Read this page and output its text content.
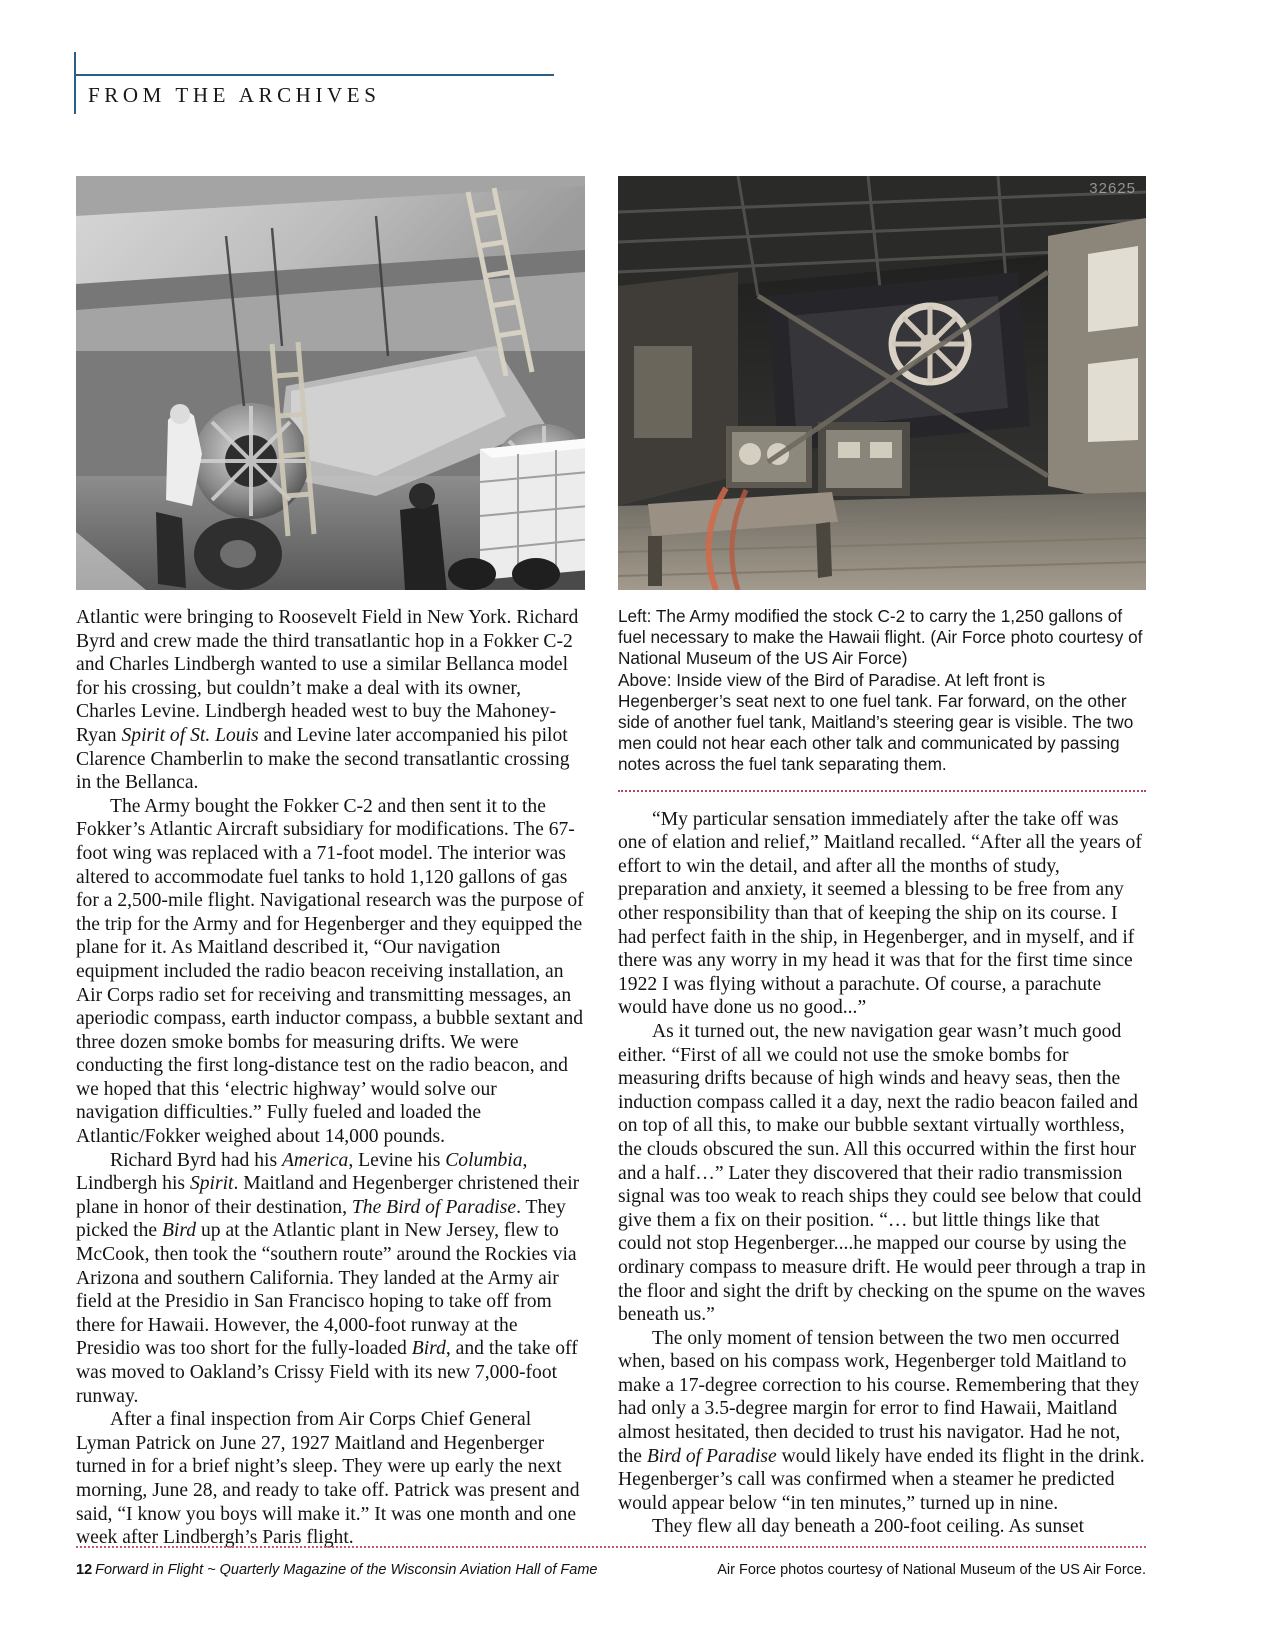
FROM THE ARCHIVES
32625

Atlantic were bringing to Roosevelt Field in New York. Richard Byrd and crew made the third transatlantic hop in a Fokker C-2 and Charles Lindbergh wanted to use a similar Bellanca model for his crossing, but couldn’t make a deal with its owner, Charles Levine. Lindbergh headed west to buy the Mahoney-Ryan Spirit of St. Louis and Levine later accompanied his pilot Clarence Chamberlin to make the second transatlantic crossing in the Bellanca.

The Army bought the Fokker C-2 and then sent it to the Fokker’s Atlantic Aircraft subsidiary for modifications. The 67-foot wing was replaced with a 71-foot model. The interior was altered to accommodate fuel tanks to hold 1,120 gallons of gas for a 2,500-mile flight. Navigational research was the purpose of the trip for the Army and for Hegenberger and they equipped the plane for it. As Maitland described it, “Our navigation equipment included the radio beacon receiving installation, an Air Corps radio set for receiving and transmitting messages, an aperiodic compass, earth inductor compass, a bubble sextant and three dozen smoke bombs for measuring drifts. We were conducting the first long-distance test on the radio beacon, and we hoped that this ‘electric highway’ would solve our navigation difficulties.” Fully fueled and loaded the Atlantic/Fokker weighed about 14,000 pounds.

Richard Byrd had his America, Levine his Columbia, Lindbergh his Spirit. Maitland and Hegenberger christened their plane in honor of their destination, The Bird of Paradise. They picked the Bird up at the Atlantic plant in New Jersey, flew to McCook, then took the “southern route” around the Rockies via Arizona and southern California. They landed at the Army air field at the Presidio in San Francisco hoping to take off from there for Hawaii. However, the 4,000-foot runway at the Presidio was too short for the fully-loaded Bird, and the take off was moved to Oakland’s Crissy Field with its new 7,000-foot runway.

After a final inspection from Air Corps Chief General Lyman Patrick on June 27, 1927 Maitland and Hegenberger turned in for a brief night’s sleep. They were up early the next morning, June 28, and ready to take off. Patrick was present and said, “I know you boys will make it.” It was one month and one week after Lindbergh’s Paris flight.

Left: The Army modified the stock C-2 to carry the 1,250 gallons of fuel necessary to make the Hawaii flight. (Air Force photo courtesy of National Museum of the US Air Force)

Above: Inside view of the Bird of Paradise. At left front is Hegenberger’s seat next to one fuel tank. Far forward, on the other side of another fuel tank, Maitland’s steering gear is visible. The two men could not hear each other talk and communicated by passing notes across the fuel tank separating them.

“My particular sensation immediately after the take off was one of elation and relief,” Maitland recalled. “After all the years of effort to win the detail, and after all the months of study, preparation and anxiety, it seemed a blessing to be free from any other responsibility than that of keeping the ship on its course. I had perfect faith in the ship, in Hegenberger, and in myself, and if there was any worry in my head it was that for the first time since 1922 I was flying without a parachute. Of course, a parachute would have done us no good...”

As it turned out, the new navigation gear wasn’t much good either. “First of all we could not use the smoke bombs for measuring drifts because of high winds and heavy seas, then the induction compass called it a day, next the radio beacon failed and on top of all this, to make our bubble sextant virtually worthless, the clouds obscured the sun. All this occurred within the first hour and a half…” Later they discovered that their radio transmission signal was too weak to reach ships they could see below that could give them a fix on their position. “… but little things like that could not stop Hegenberger....he mapped our course by using the ordinary compass to measure drift. He would peer through a trap in the floor and sight the drift by checking on the spume on the waves beneath us.”

The only moment of tension between the two men occurred when, based on his compass work, Hegenberger told Maitland to make a 17-degree correction to his course. Remembering that they had only a 3.5-degree margin for error to find Hawaii, Maitland almost hesitated, then decided to trust his navigator. Had he not, the Bird of Paradise would likely have ended its flight in the drink. Hegenberger’s call was confirmed when a steamer he predicted would appear below “in ten minutes,” turned up in nine.

They flew all day beneath a 200-foot ceiling. As sunset

12 Forward in Flight ~ Quarterly Magazine of the Wisconsin Aviation Hall of Fame	Air Force photos courtesy of National Museum of the US Air Force.
